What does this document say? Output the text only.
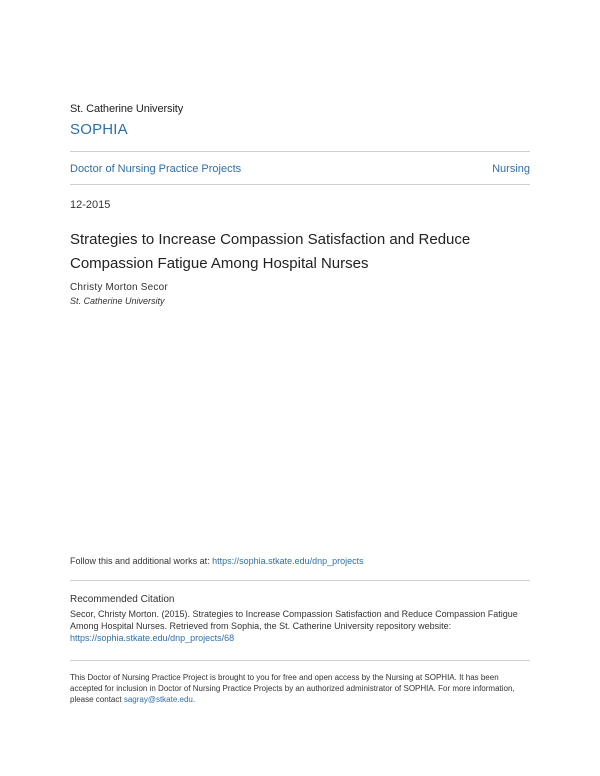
St. Catherine University
SOPHIA
Doctor of Nursing Practice Projects	Nursing
12-2015
Strategies to Increase Compassion Satisfaction and Reduce Compassion Fatigue Among Hospital Nurses
Christy Morton Secor
St. Catherine University
Follow this and additional works at: https://sophia.stkate.edu/dnp_projects
Recommended Citation
Secor, Christy Morton. (2015). Strategies to Increase Compassion Satisfaction and Reduce Compassion Fatigue Among Hospital Nurses. Retrieved from Sophia, the St. Catherine University repository website: https://sophia.stkate.edu/dnp_projects/68
This Doctor of Nursing Practice Project is brought to you for free and open access by the Nursing at SOPHIA. It has been accepted for inclusion in Doctor of Nursing Practice Projects by an authorized administrator of SOPHIA. For more information, please contact sagray@stkate.edu.
